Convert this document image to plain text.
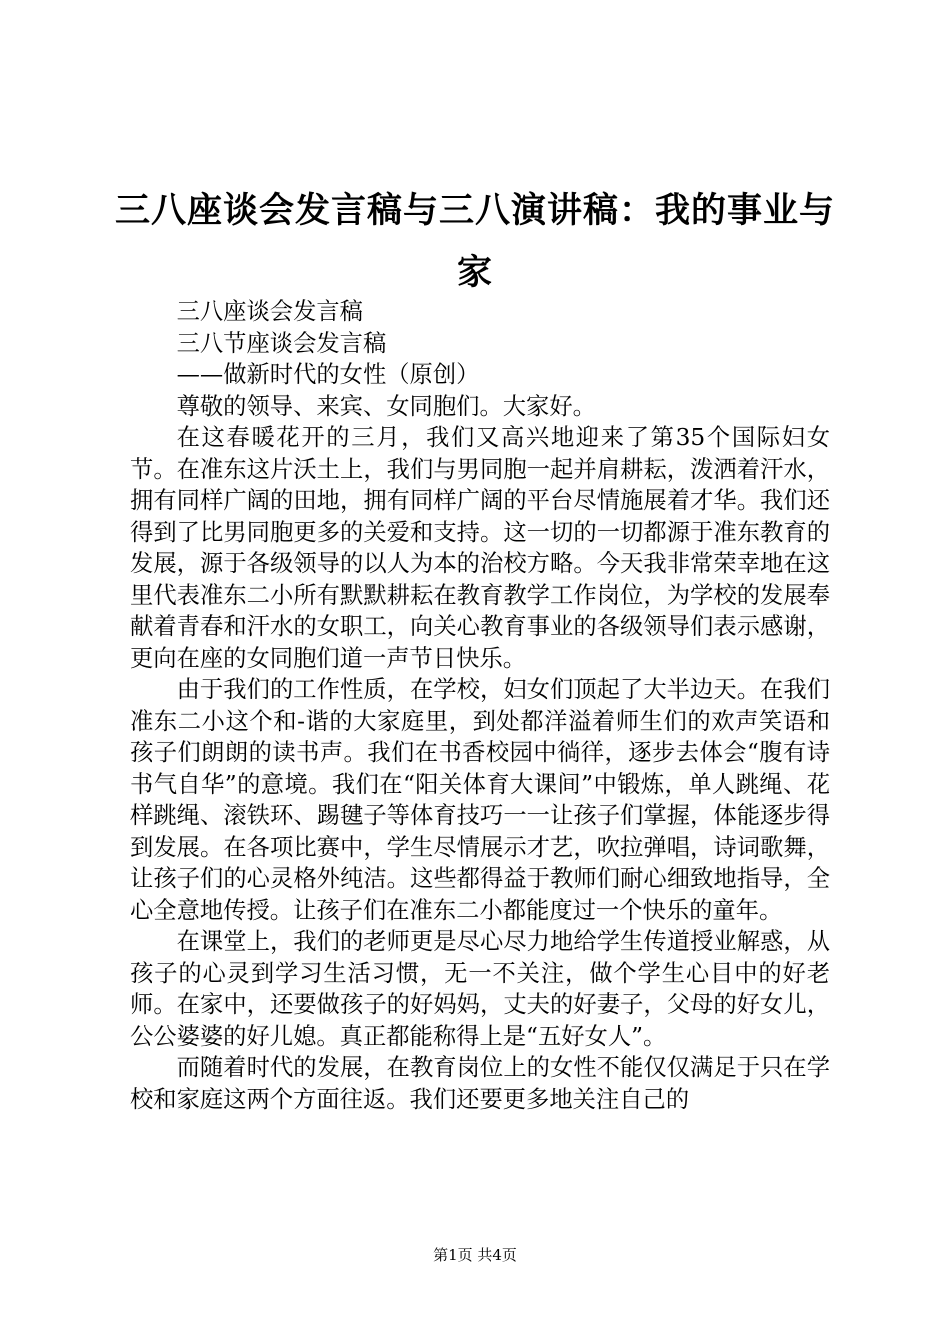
三八座谈会发言稿与三八演讲稿：我的事业与家

三八座谈会发言稿

三八节座谈会发言稿

——做新时代的女性（原创）

尊敬的领导、来宾、女同胞们。大家好。

在这春暖花开的三月，我们又高兴地迎来了第35个国际妇女节。在准东这片沃土上，我们与男同胞一起并肩耕耘，泼洒着汗水，拥有同样广阔的田地，拥有同样广阔的平台尽情施展着才华。我们还得到了比男同胞更多的关爱和支持。这一切的一切都源于准东教育的发展，源于各级领导的以人为本的治校方略。今天我非常荣幸地在这里代表准东二小所有默默耕耘在教育教学工作岗位，为学校的发展奉献着青春和汗水的女职工，向关心教育事业的各级领导们表示感谢，更向在座的女同胞们道一声节日快乐。

由于我们的工作性质，在学校，妇女们顶起了大半边天。在我们准东二小这个和-谐的大家庭里，到处都洋溢着师生们的欢声笑语和孩子们朗朗的读书声。我们在书香校园中徜徉，逐步去体会“腹有诗书气自华”的意境。我们在“阳关体育大课间”中锻炼，单人跳绳、花样跳绳、滚铁环、踢毽子等体育技巧一一让孩子们掌握，体能逐步得到发展。在各项比赛中，学生尽情展示才艺，吹拉弹唱，诗词歌舞，让孩子们的心灵格外纯洁。这些都得益于教师们耐心细致地指导，全心全意地传授。让孩子们在准东二小都能度过一个快乐的童年。

在课堂上，我们的老师更是尽心尽力地给学生传道授业解惑，从孩子的心灵到学习生活习惯，无一不关注，做个学生心目中的好老师。在家中，还要做孩子的好妈妈，丈夫的好妻子，父母的好女儿，公公婆婆的好儿媳。真正都能称得上是“五好女人”。

而随着时代的发展，在教育岗位上的女性不能仅仅满足于只在学校和家庭这两个方面往返。我们还要更多地关注自己的

第1页 共4页
